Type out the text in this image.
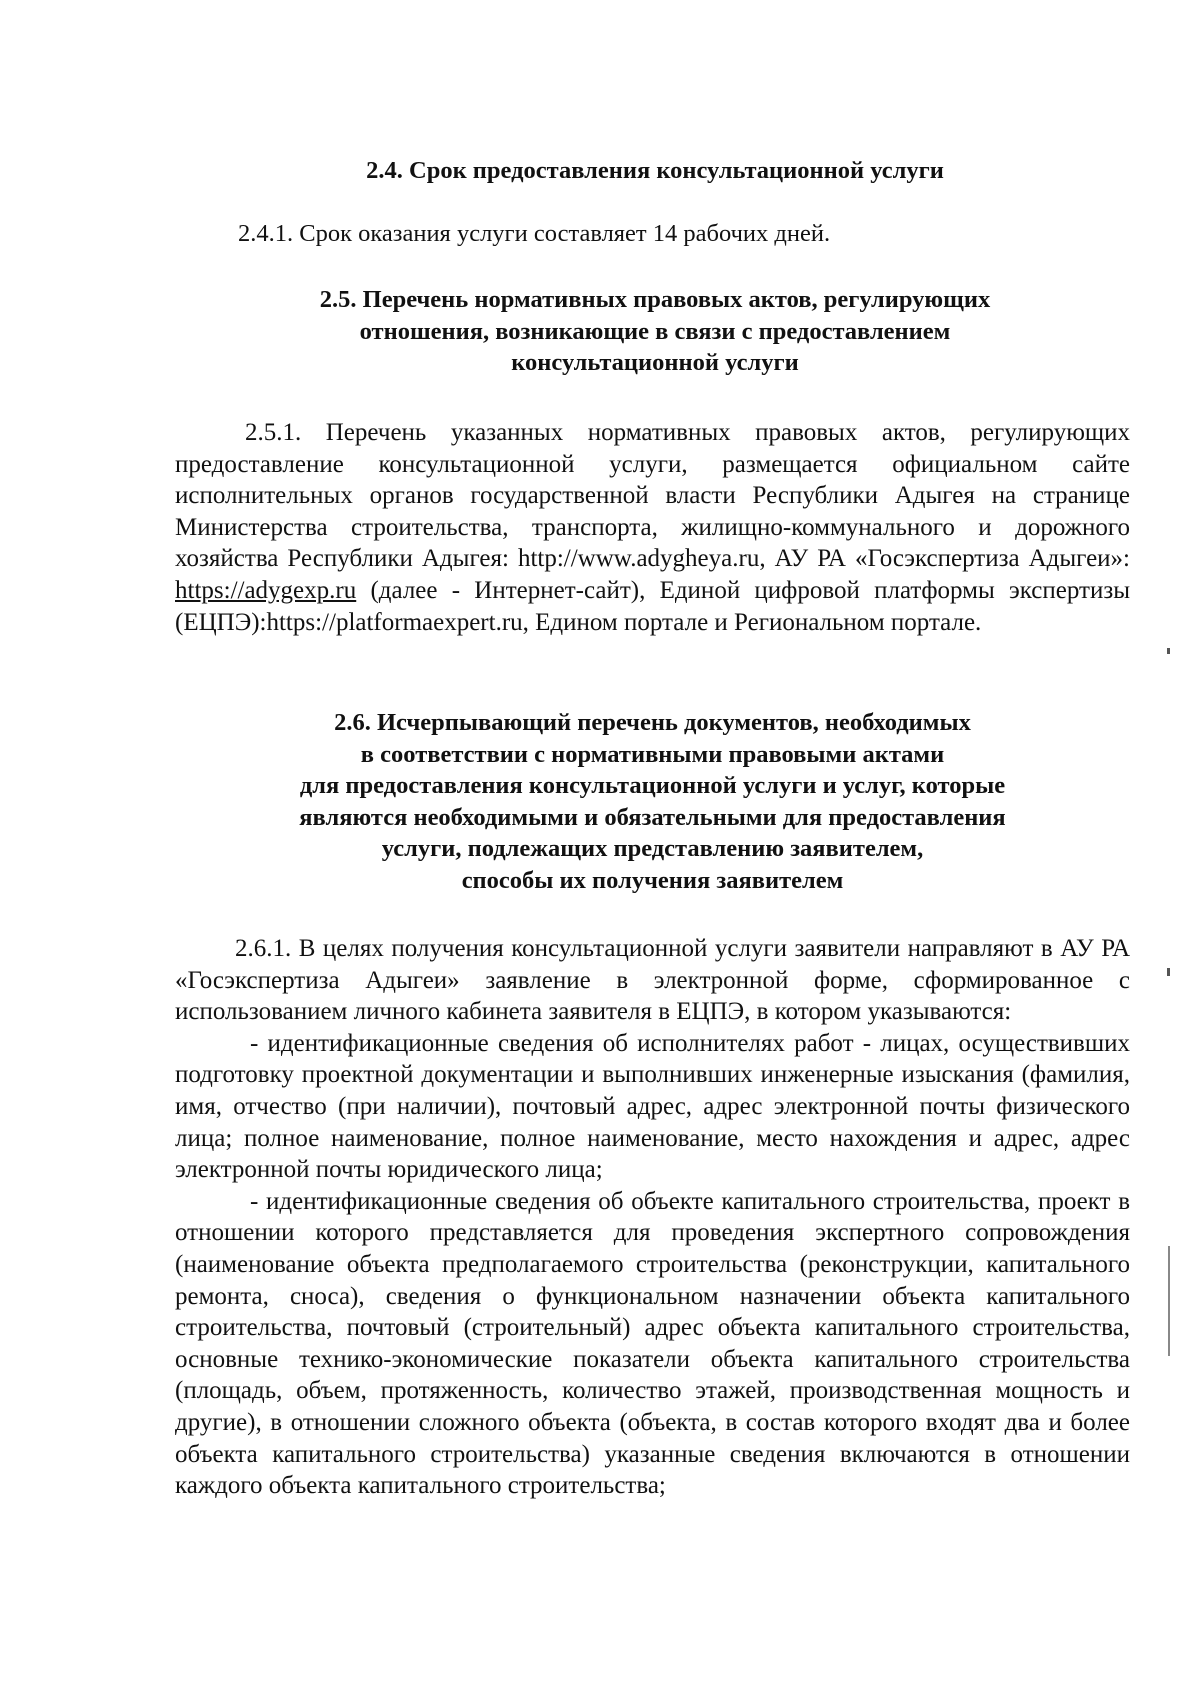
2.4. Срок предоставления консультационной услуги

2.4.1. Срок оказания услуги составляет 14 рабочих дней.

2.5. Перечень нормативных правовых актов, регулирующих
отношения, возникающие в связи с предоставлением
консультационной услуги

2.5.1. Перечень указанных нормативных правовых актов, регулирующих предоставление консультационной услуги, размещается официальном сайте исполнительных органов государственной власти Республики Адыгея на странице Министерства строительства, транспорта, жилищно-коммунального и дорожного хозяйства Республики Адыгея: http://www.adygheya.ru, АУ РА «Госэкспертиза Адыгеи»: https://adygexp.ru (далее - Интернет-сайт), Единой цифровой платформы экспертизы (ЕЦПЭ):https://platformaexpert.ru, Едином портале и Региональном портале.

2.6. Исчерпывающий перечень документов, необходимых
в соответствии с нормативными правовыми актами
для предоставления консультационной услуги и услуг, которые
являются необходимыми и обязательными для предоставления
услуги, подлежащих представлению заявителем,
способы их получения заявителем

2.6.1. В целях получения консультационной услуги заявители направляют в АУ РА «Госэкспертиза Адыгеи» заявление в электронной форме, сформированное с использованием личного кабинета заявителя в ЕЦПЭ, в котором указываются:

- идентификационные сведения об исполнителях работ - лицах, осуществивших подготовку проектной документации и выполнивших инженерные изыскания (фамилия, имя, отчество (при наличии), почтовый адрес, адрес электронной почты физического лица; полное наименование, полное наименование, место нахождения и адрес, адрес электронной почты юридического лица;

- идентификационные сведения об объекте капитального строительства, проект в отношении которого представляется для проведения экспертного сопровождения (наименование объекта предполагаемого строительства (реконструкции, капитального ремонта, сноса), сведения о функциональном назначении объекта капитального строительства, почтовый (строительный) адрес объекта капитального строительства, основные технико-экономические показатели объекта капитального строительства (площадь, объем, протяженность, количество этажей, производственная мощность и другие), в отношении сложного объекта (объекта, в состав которого входят два и более объекта капитального строительства) указанные сведения включаются в отношении каждого объекта капитального строительства;
